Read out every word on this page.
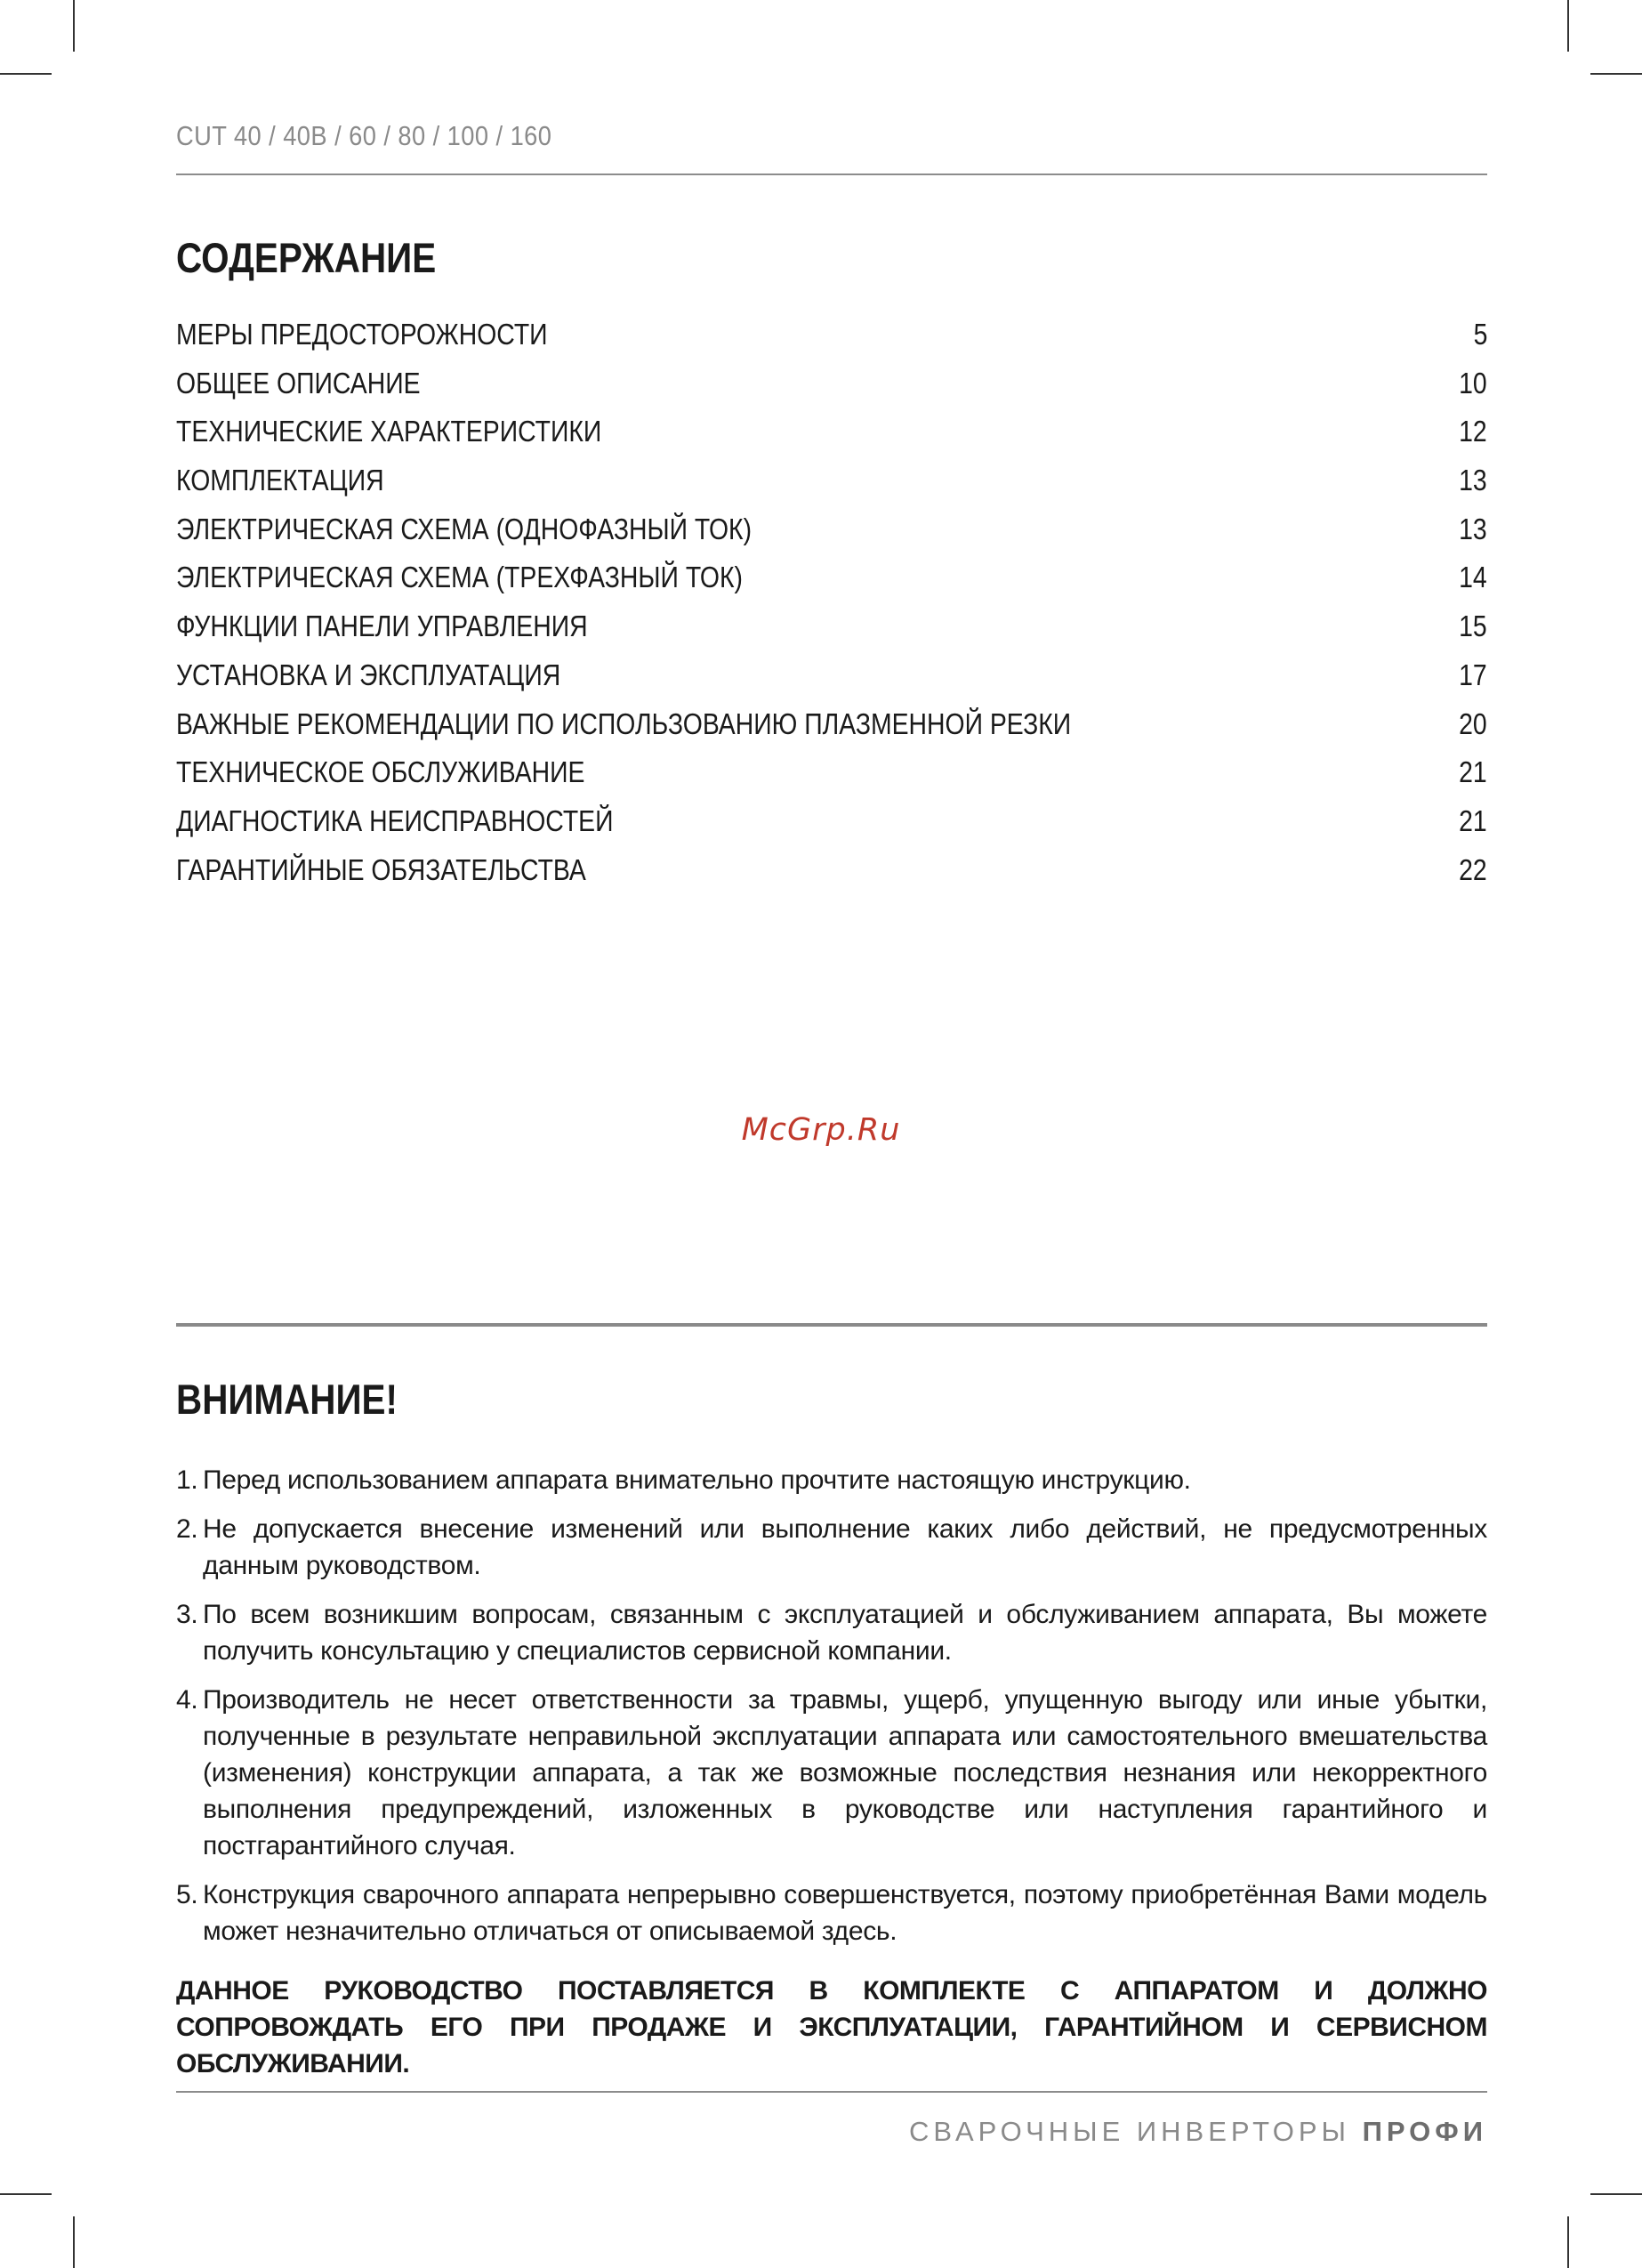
CUT 40 / 40B / 60 / 80 / 100 / 160
СОДЕРЖАНИЕ
МЕРЫ ПРЕДОСТОРОЖНОСТИ	5
ОБЩЕЕ ОПИСАНИЕ	10
ТЕХНИЧЕСКИЕ ХАРАКТЕРИСТИКИ	12
КОМПЛЕКТАЦИЯ	13
ЭЛЕКТРИЧЕСКАЯ СХЕМА (ОДНОФАЗНЫЙ ТОК)	13
ЭЛЕКТРИЧЕСКАЯ СХЕМА (ТРЕХФАЗНЫЙ ТОК)	14
ФУНКЦИИ ПАНЕЛИ УПРАВЛЕНИЯ	15
УСТАНОВКА И ЭКСПЛУАТАЦИЯ	17
ВАЖНЫЕ РЕКОМЕНДАЦИИ ПО ИСПОЛЬЗОВАНИЮ ПЛАЗМЕННОЙ РЕЗКИ	20
ТЕХНИЧЕСКОЕ ОБСЛУЖИВАНИЕ	21
ДИАГНОСТИКА НЕИСПРАВНОСТЕЙ	21
ГАРАНТИЙНЫЕ ОБЯЗАТЕЛЬСТВА	22
McGrp.Ru
ВНИМАНИЕ!
1. Перед использованием аппарата внимательно прочтите настоящую инструкцию.
2. Не допускается внесение изменений или выполнение каких либо действий, не предусмотренных данным руководством.
3. По всем возникшим вопросам, связанным с эксплуатацией и обслуживанием аппарата, Вы можете получить консультацию у специалистов сервисной компании.
4. Производитель не несет ответственности за травмы, ущерб, упущенную выгоду или иные убытки, полученные в результате неправильной эксплуатации аппарата или самостоятельного вмешательства (изменения) конструкции аппарата, а так же возможные последствия незнания или некорректного выполнения предупреждений, изложенных в руководстве или наступления гарантийного и постгарантийного случая.
5. Конструкция сварочного аппарата непрерывно совершенствуется, поэтому приобретённая Вами модель может незначительно отличаться от описываемой здесь.
ДАННОЕ РУКОВОДСТВО ПОСТАВЛЯЕТСЯ В КОМПЛЕКТЕ С АППАРАТОМ И ДОЛЖНО СОПРОВОЖДАТЬ ЕГО ПРИ ПРОДАЖЕ И ЭКСПЛУАТАЦИИ, ГАРАНТИЙНОМ И СЕРВИСНОМ ОБСЛУЖИВАНИИ.
СВАРОЧНЫЕ ИНВЕРТОРЫ ПРОФИ
